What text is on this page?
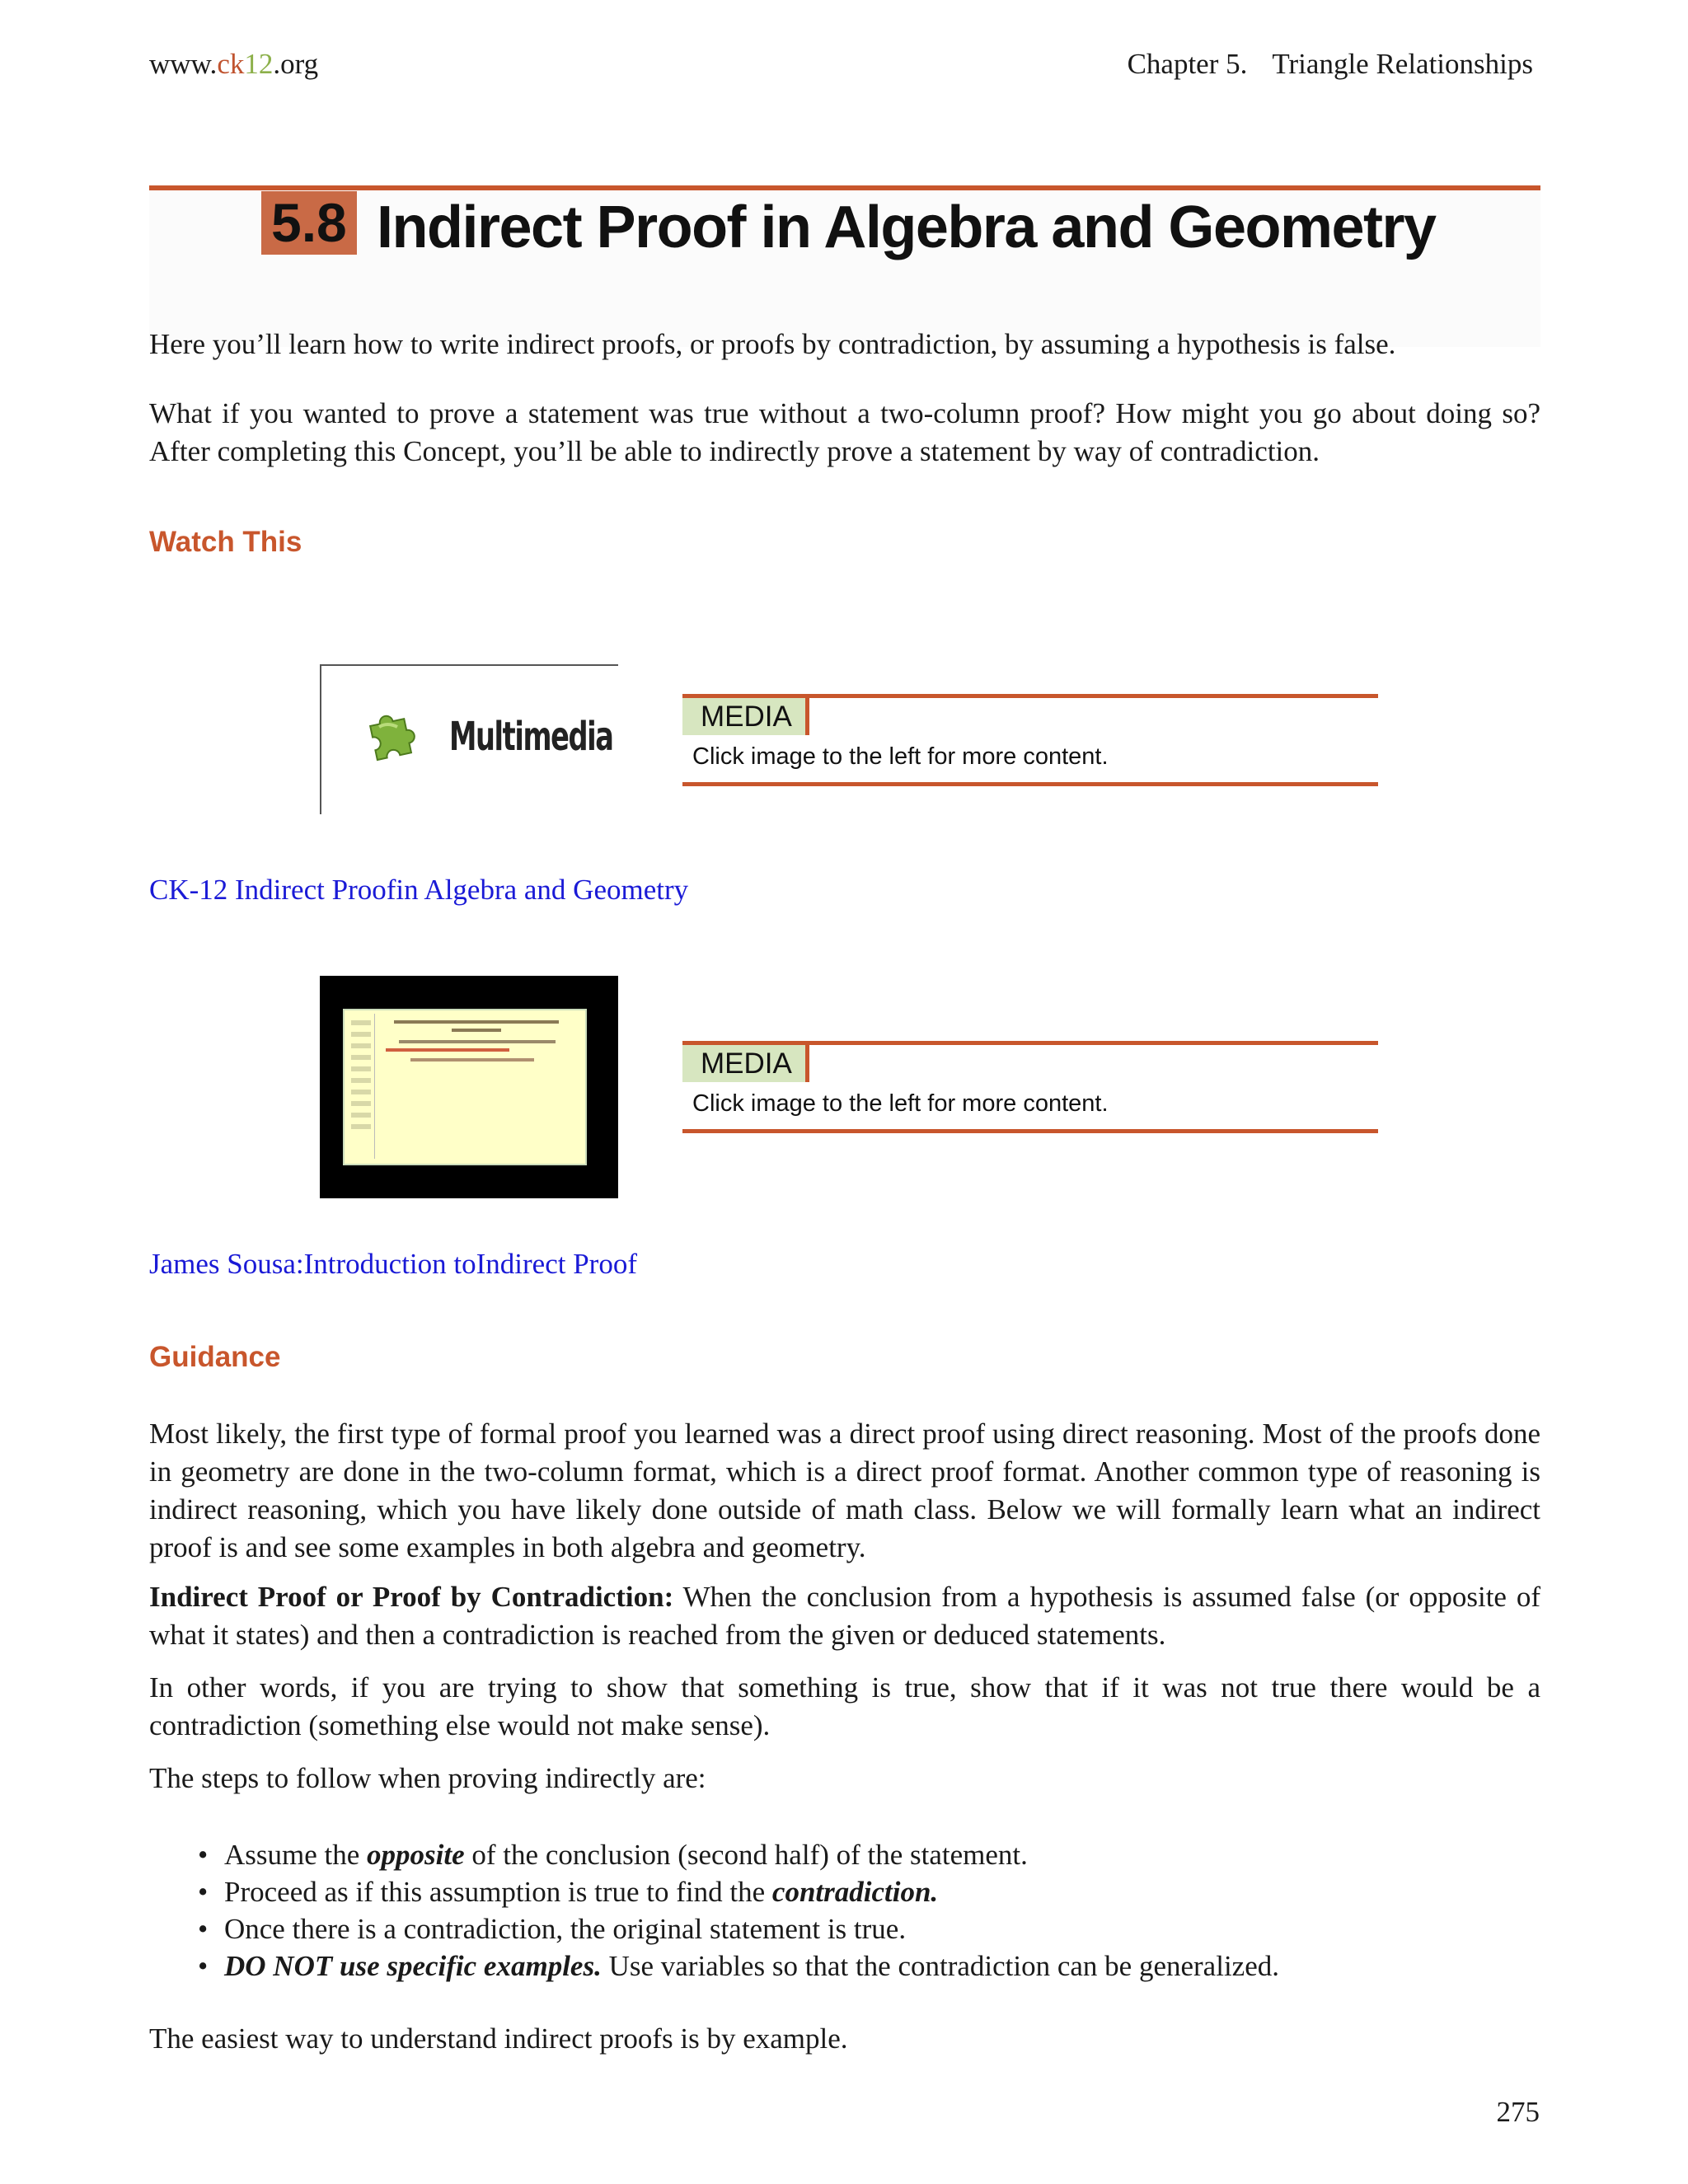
www.ck12.org	Chapter 5. Triangle Relationships
5.8 Indirect Proof in Algebra and Geometry

Here you’ll learn how to write indirect proofs, or proofs by contradiction, by assuming a hypothesis is false.

What if you wanted to prove a statement was true without a two-column proof? How might you go about doing so? After completing this Concept, you’ll be able to indirectly prove a statement by way of contradiction.

Watch This
Multimedia	MEDIA
Click image to the left for more content.
CK-12 Indirect Proofin Algebra and Geometry
MEDIA
Click image to the left for more content.
James Sousa:Introduction toIndirect Proof
Guidance

Most likely, the first type of formal proof you learned was a direct proof using direct reasoning. Most of the proofs done in geometry are done in the two-column format, which is a direct proof format. Another common type of reasoning is indirect reasoning, which you have likely done outside of math class. Below we will formally learn what an indirect proof is and see some examples in both algebra and geometry.

Indirect Proof or Proof by Contradiction: When the conclusion from a hypothesis is assumed false (or opposite of what it states) and then a contradiction is reached from the given or deduced statements.

In other words, if you are trying to show that something is true, show that if it was not true there would be a contradiction (something else would not make sense).

The steps to follow when proving indirectly are:

• Assume the opposite of the conclusion (second half) of the statement.
• Proceed as if this assumption is true to find the contradiction.
• Once there is a contradiction, the original statement is true.
• DO NOT use specific examples. Use variables so that the contradiction can be generalized.

The easiest way to understand indirect proofs is by example.

275
